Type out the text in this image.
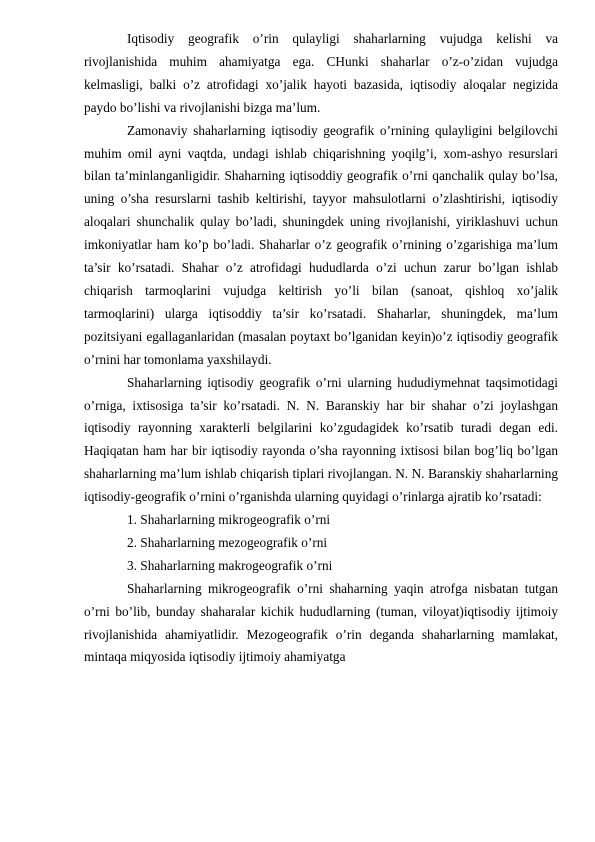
Iqtisodiy geografik o’rin qulayligi shaharlarning vujudga kelishi va rivojlanishida muhim ahamiyatga ega. CHunki shaharlar o’z-o’zidan vujudga kelmasligi, balki o’z atrofidagi xo’jalik hayoti bazasida, iqtisodiy aloqalar negizida paydo bo’lishi va rivojlanishi bizga ma’lum.

Zamonaviy shaharlarning iqtisodiy geografik o’rnining qulayligini belgilovchi muhim omil ayni vaqtda, undagi ishlab chiqarishning yoqilg’i, xom-ashyo resurslari bilan ta’minlanganligidir. Shaharning iqtisoddiy geografik o’rni qanchalik qulay bo’lsa, uning o’sha resurslarni tashib keltirishi, tayyor mahsulotlarni o’zlashtirishi, iqtisodiy aloqalari shunchalik qulay bo’ladi, shuningdek uning rivojlanishi, yiriklashuvi uchun imkoniyatlar ham ko’p bo’ladi. Shaharlar o’z geografik o’rnining o’zgarishiga ma’lum ta’sir ko’rsatadi. Shahar o’z atrofidagi hududlarda o’zi uchun zarur bo’lgan ishlab chiqarish tarmoqlarini vujudga keltirish yo’li bilan (sanoat, qishloq xo’jalik tarmoqlarini) ularga iqtisoddiy ta’sir ko’rsatadi. Shaharlar, shuningdek, ma’lum pozitsiyani egallaganlaridan (masalan poytaxt bo’lganidan keyin)o’z iqtisodiy geografik o’rnini har tomonlama yaxshilaydi.

Shaharlarning iqtisodiy geografik o’rni ularning hududiymehnat taqsimotidagi o’rniga, ixtisosiga ta’sir ko’rsatadi. N. N. Baranskiy har bir shahar o’zi joylashgan iqtisodiy rayonning xarakterli belgilarini ko’zgudagidek ko’rsatib turadi degan edi. Haqiqatan ham har bir iqtisodiy rayonda o’sha rayonning ixtisosi bilan bog’liq bo’lgan shaharlarning ma’lum ishlab chiqarish tiplari rivojlangan. N. N. Baranskiy shaharlarning iqtisodiy-geografik o’rnini o’rganishda ularning quyidagi o’rinlarga ajratib ko’rsatadi:

1. Shaharlarning mikrogeografik o’rni

2. Shaharlarning mezogeografik o’rni

3. Shaharlarning makrogeografik o’rni

Shaharlarning mikrogeografik o’rni shaharning yaqin atrofga nisbatan tutgan o’rni bo’lib, bunday shaharalar kichik hududlarning (tuman, viloyat)iqtisodiy ijtimoiy rivojlanishida ahamiyatlidir. Mezogeografik o’rin deganda shaharlarning mamlakat, mintaqa miqyosida iqtisodiy ijtimoiy ahamiyatga
